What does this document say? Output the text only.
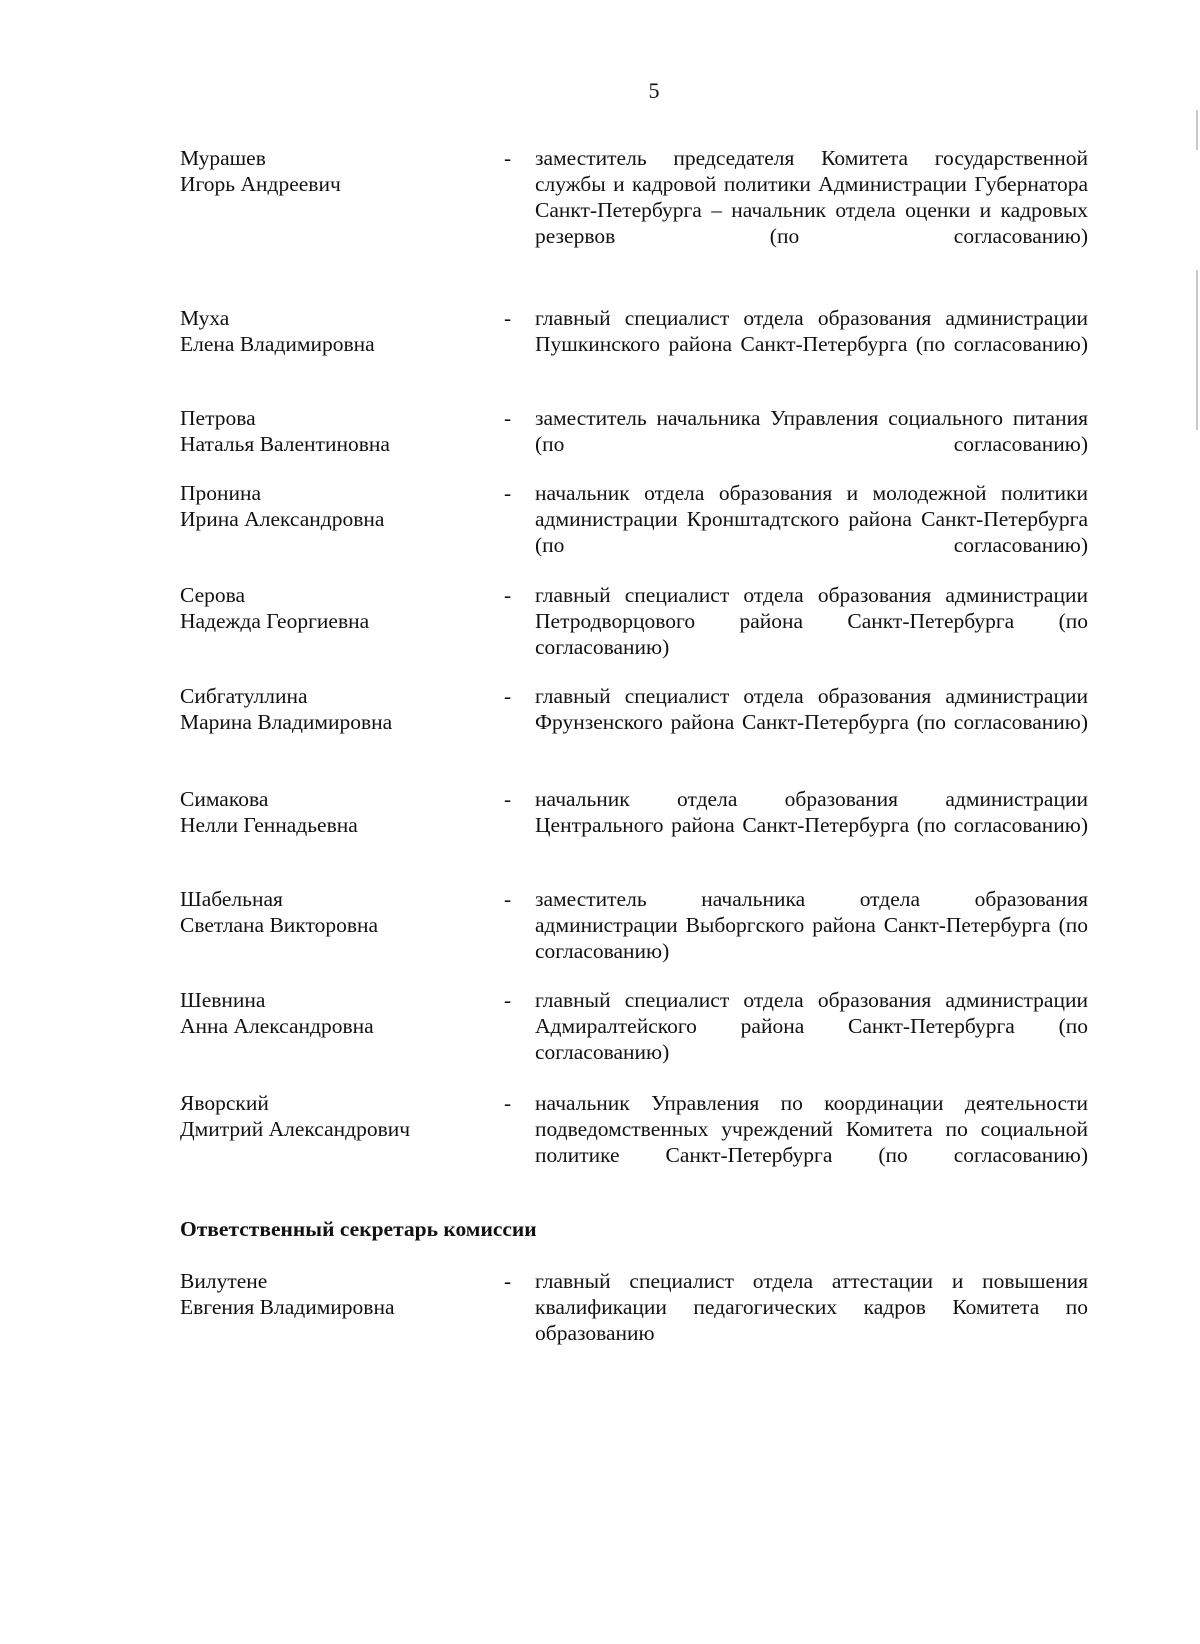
5
Мурашев
Игорь Андреевич
- заместитель председателя Комитета государственной службы и кадровой политики Администрации Губернатора Санкт-Петербурга – начальник отдела оценки и кадровых резервов (по согласованию)
Муха
Елена Владимировна
- главный специалист отдела образования администрации Пушкинского района Санкт-Петербурга (по согласованию)
Петрова
Наталья Валентиновна
- заместитель начальника Управления социального питания (по согласованию)
Пронина
Ирина Александровна
- начальник отдела образования и молодежной политики администрации Кронштадтского района Санкт-Петербурга (по согласованию)
Серова
Надежда Георгиевна
- главный специалист отдела образования администрации Петродворцового района Санкт-Петербурга (по согласованию)
Сибгатуллина
Марина Владимировна
- главный специалист отдела образования администрации Фрунзенского района Санкт-Петербурга (по согласованию)
Симакова
Нелли Геннадьевна
- начальник отдела образования администрации Центрального района Санкт-Петербурга (по согласованию)
Шабельная
Светлана Викторовна
- заместитель начальника отдела образования администрации Выборгского района Санкт-Петербурга (по согласованию)
Шевнина
Анна Александровна
- главный специалист отдела образования администрации Адмиралтейского района Санкт-Петербурга (по согласованию)
Яворский
Дмитрий Александрович
- начальник Управления по координации деятельности подведомственных учреждений Комитета по социальной политике Санкт-Петербурга (по согласованию)
Ответственный секретарь комиссии
Вилутене
Евгения Владимировна
- главный специалист отдела аттестации и повышения квалификации педагогических кадров Комитета по образованию
